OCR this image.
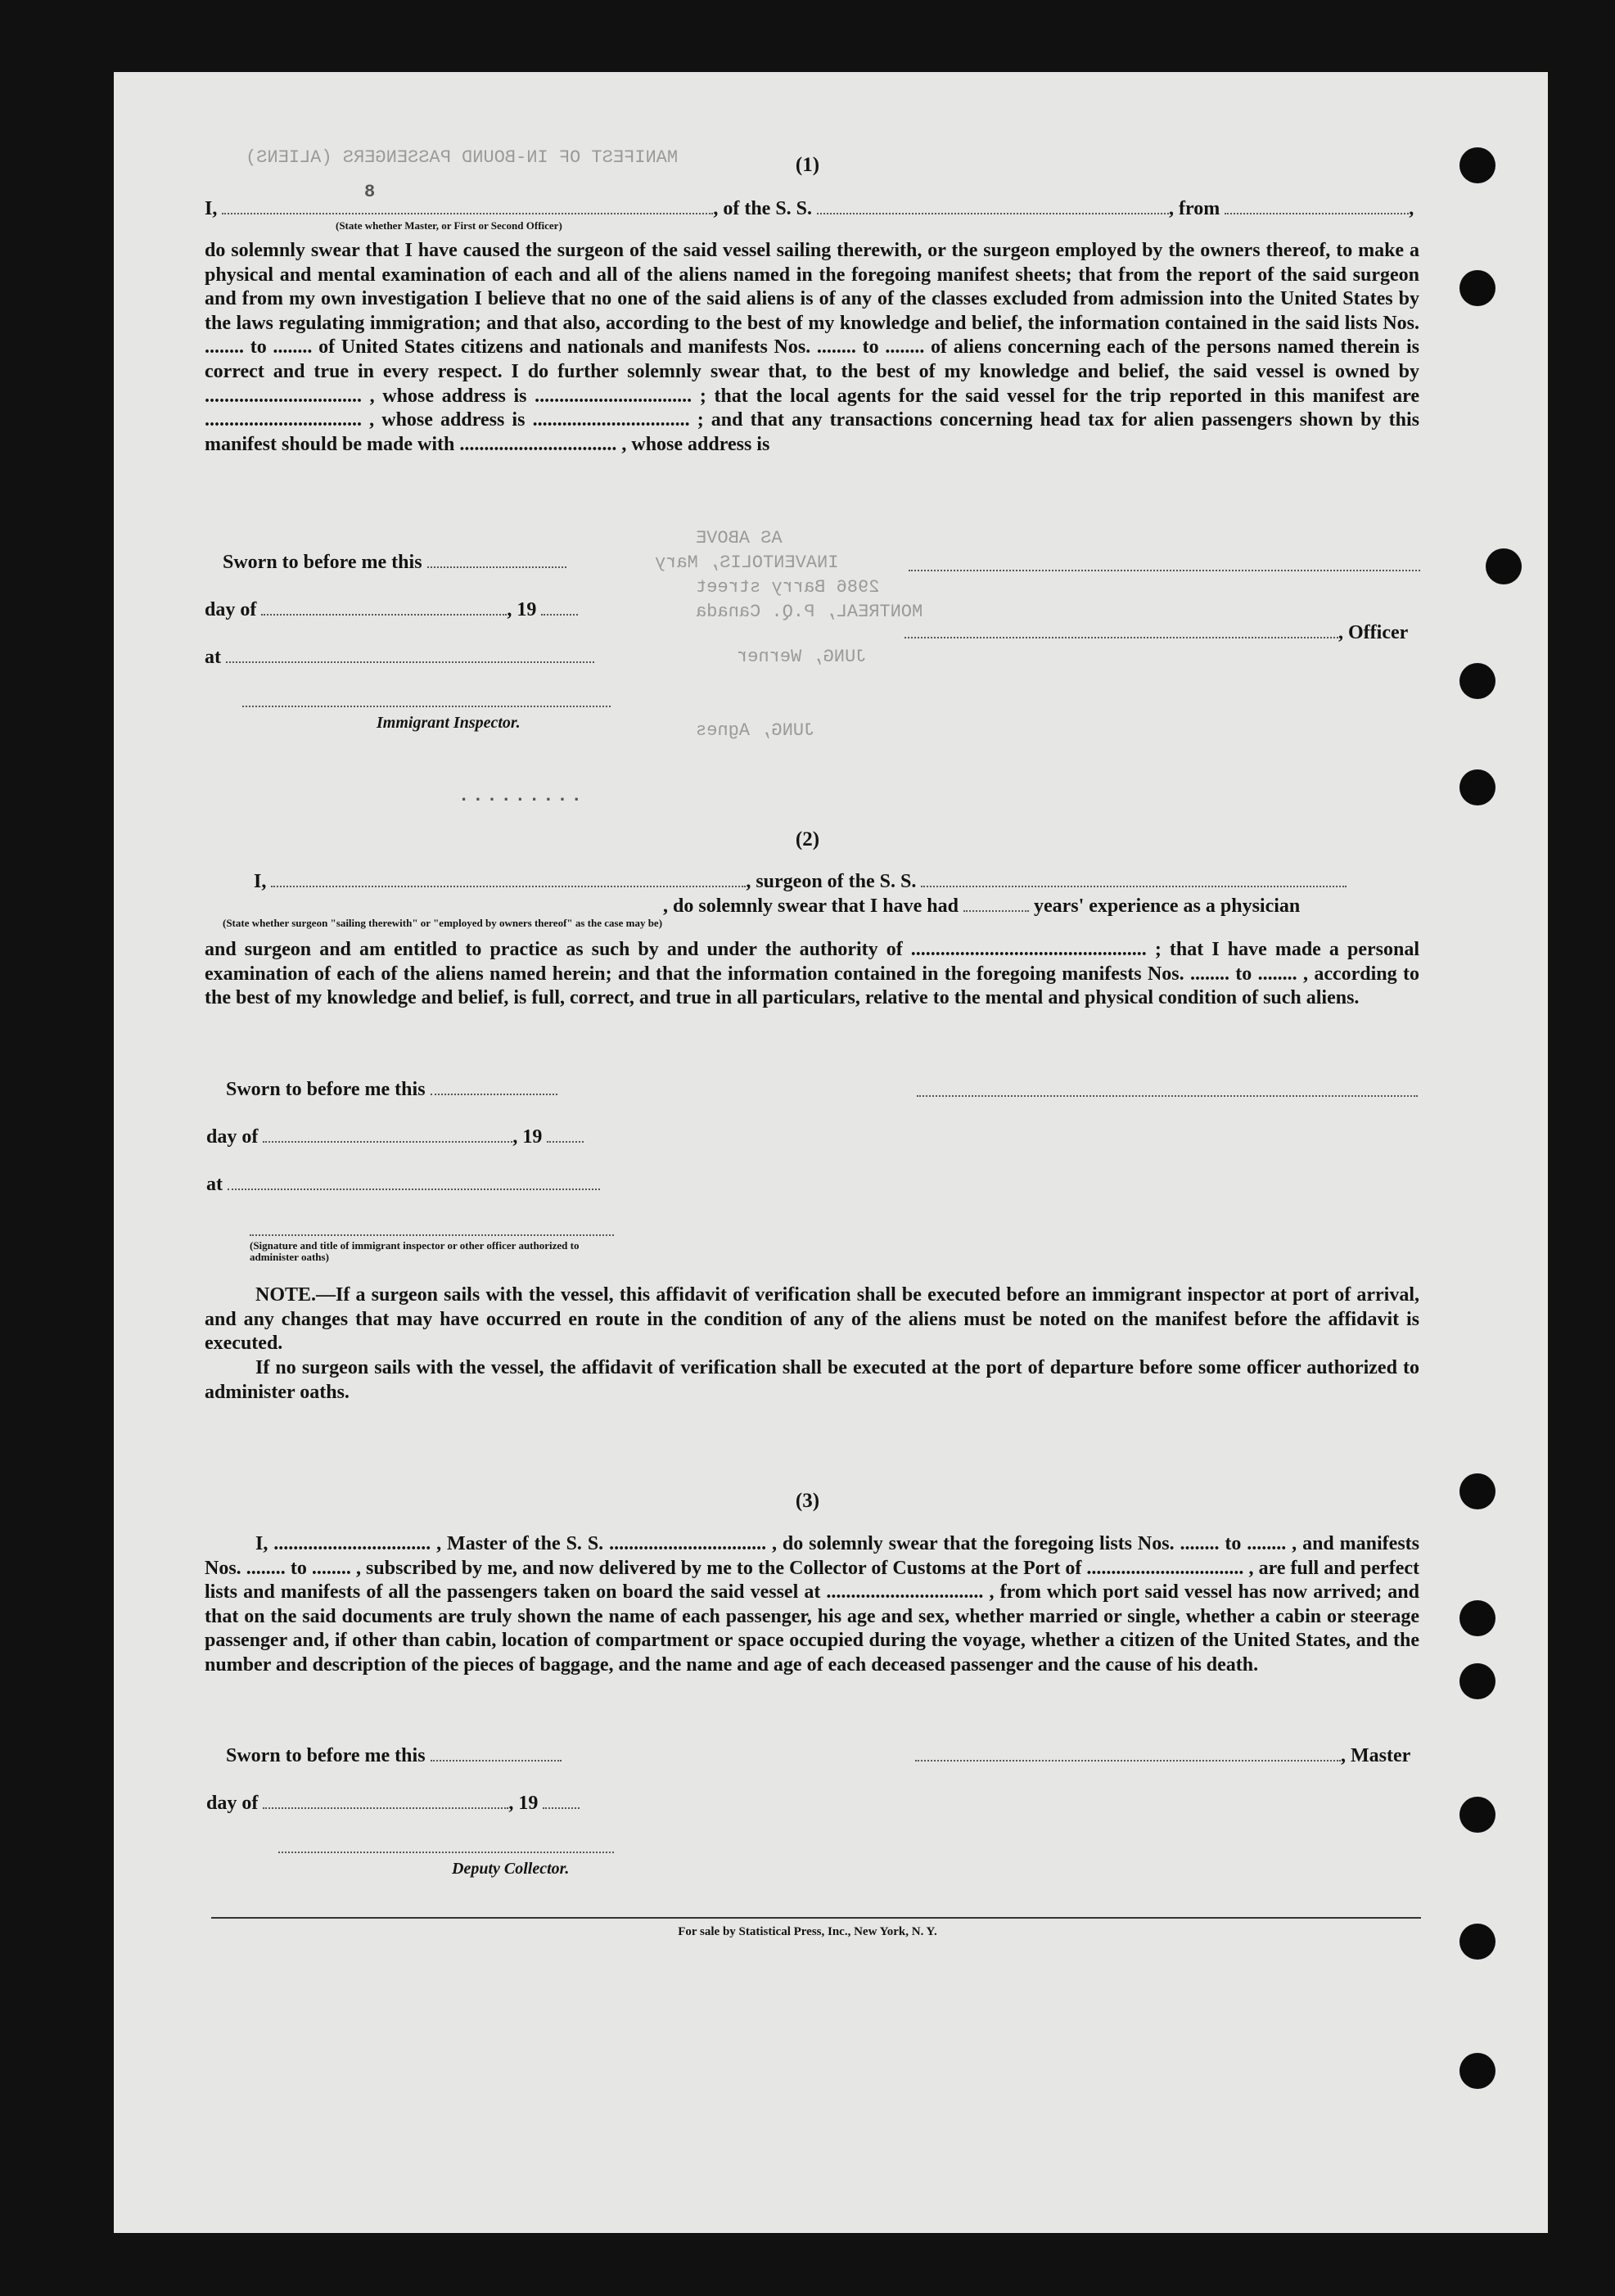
AS ABOVE
INAVENTOLIS, Mary
2986 Barry street
MONTREAL, P.Q. Canada
JUNG, Werner
JUNG, Agnes
MANIFEST OF IN-BOUND PASSENGERS (ALIENS)	(1)
I,	, of the S. S.	, from	,
(State whether Master, or First or Second Officer)
8
do solemnly swear that I have caused the surgeon of the said vessel sailing therewith, or the surgeon employed by the owners thereof, to make a physical and mental examination of each and all of the aliens named in the foregoing manifest sheets; that from the report of the said surgeon and from my own investigation I believe that no one of the said aliens is of any of the classes excluded from admission into the United States by the laws regulating immigration; and that also, according to the best of my knowledge and belief, the information contained in the said lists Nos. ........ to ........ of United States citizens and nationals and manifests Nos. ........ to ........ of aliens concerning each of the persons named therein is correct and true in every respect. I do further solemnly swear that, to the best of my knowledge and belief, the said vessel is owned by ................................ , whose address is ................................ ; that the local agents for the said vessel for the trip reported in this manifest are ................................ , whose address is ................................ ; and that any transactions concerning head tax for alien passengers shown by this manifest should be made with ................................ , whose address is
Sworn to before me this
day of	, 19
at
Immigrant Inspector.
, Officer
.........
(2)
I,	, surgeon of the S. S.
, do solemnly swear that I have had	years' experience as a physician
(State whether surgeon "sailing therewith" or "employed by owners thereof" as the case may be)
and surgeon and am entitled to practice as such by and under the authority of ................................................ ; that I have made a personal examination of each of the aliens named herein; and that the information contained in the foregoing manifests Nos. ........ to ........ , according to the best of my knowledge and belief, is full, correct, and true in all particulars, relative to the mental and physical condition of such aliens.
Sworn to before me this
day of	, 19
at
(Signature and title of immigrant inspector or other officer authorized to administer oaths)
NOTE.—If a surgeon sails with the vessel, this affidavit of verification shall be executed before an immigrant inspector at port of arrival, and any changes that may have occurred en route in the condition of any of the aliens must be noted on the manifest before the affidavit is executed.
If no surgeon sails with the vessel, the affidavit of verification shall be executed at the port of departure before some officer authorized to administer oaths.
(3)
I, ................................ , Master of the S. S. ................................ , do solemnly swear that the foregoing lists Nos. ........ to ........ , and manifests Nos. ........ to ........ , subscribed by me, and now delivered by me to the Collector of Customs at the Port of ................................ , are full and perfect lists and manifests of all the passengers taken on board the said vessel at ................................ , from which port said vessel has now arrived; and that on the said documents are truly shown the name of each passenger, his age and sex, whether married or single, whether a cabin or steerage passenger and, if other than cabin, location of compartment or space occupied during the voyage, whether a citizen of the United States, and the number and description of the pieces of baggage, and the name and age of each deceased passenger and the cause of his death.
Sworn to before me this	, Master
day of	, 19
Deputy Collector.
For sale by Statistical Press, Inc., New York, N. Y.
